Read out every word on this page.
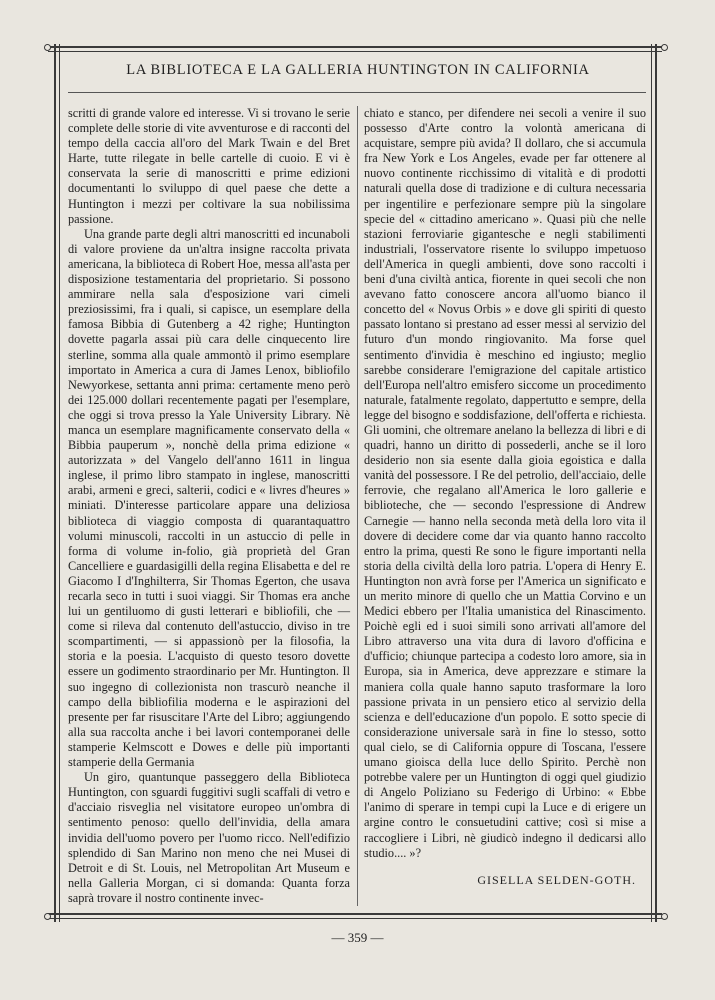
LA BIBLIOTECA E LA GALLERIA HUNTINGTON IN CALIFORNIA

scritti di grande valore ed interesse. Vi si trovano le serie complete delle storie di vite avventurose e di racconti del tempo della caccia all'oro del Mark Twain e del Bret Harte, tutte rilegate in belle cartelle di cuoio. E vi è conservata la serie di manoscritti e prime edizioni documentanti lo sviluppo di quel paese che dette a Huntington i mezzi per coltivare la sua nobilissima passione.

Una grande parte degli altri manoscritti ed incunaboli di valore proviene da un'altra insigne raccolta privata americana, la biblioteca di Robert Hoe, messa all'asta per disposizione testamentaria del proprietario. Si possono ammirare nella sala d'esposizione vari cimeli preziosissimi, fra i quali, si capisce, un esemplare della famosa Bibbia di Gutenberg a 42 righe; Huntington dovette pagarla assai più cara delle cinquecento lire sterline, somma alla quale ammontò il primo esemplare importato in America a cura di James Lenox, bibliofilo Newyorkese, settanta anni prima: certamente meno però dei 125.000 dollari recentemente pagati per l'esemplare, che oggi si trova presso la Yale University Library. Nè manca un esemplare magnificamente conservato della « Bibbia pauperum », nonchè della prima edizione « autorizzata » del Vangelo dell'anno 1611 in lingua inglese, il primo libro stampato in inglese, manoscritti arabi, armeni e greci, salterii, codici e « livres d'heures » miniati. D'interesse particolare appare una deliziosa biblioteca di viaggio composta di quarantaquattro volumi minuscoli, raccolti in un astuccio di pelle in forma di volume in-folio, già proprietà del Gran Cancelliere e guardasigilli della regina Elisabetta e del re Giacomo I d'Inghilterra, Sir Thomas Egerton, che usava recarla seco in tutti i suoi viaggi. Sir Thomas era anche lui un gentiluomo di gusti letterari e bibliofili, che — come si rileva dal contenuto dell'astuccio, diviso in tre scompartimenti, — si appassionò per la filosofia, la storia e la poesia. L'acquisto di questo tesoro dovette essere un godimento straordinario per Mr. Huntington. Il suo ingegno di collezionista non trascurò neanche il campo della bibliofilia moderna e le aspirazioni del presente per far risuscitare l'Arte del Libro; aggiungendo alla sua raccolta anche i bei lavori contemporanei delle stamperie Kelmscott e Dowes e delle più importanti stamperie della Germania

Un giro, quantunque passeggero della Biblioteca Huntington, con sguardi fuggitivi sugli scaffali di vetro e d'acciaio risveglia nel visitatore europeo un'ombra di sentimento penoso: quello dell'invidia, della amara invidia dell'uomo povero per l'uomo ricco. Nell'edifizio splendido di San Marino non meno che nei Musei di Detroit e di St. Louis, nel Metropolitan Art Museum e nella Galleria Morgan, ci si domanda: Quanta forza saprà trovare il nostro continente invec-

chiato e stanco, per difendere nei secoli a venire il suo possesso d'Arte contro la volontà americana di acquistare, sempre più avida? Il dollaro, che si accumula fra New York e Los Angeles, evade per far ottenere al nuovo continente ricchissimo di vitalità e di prodotti naturali quella dose di tradizione e di cultura necessaria per ingentilire e perfezionare sempre più la singolare specie del « cittadino americano ». Quasi più che nelle stazioni ferroviarie gigantesche e negli stabilimenti industriali, l'osservatore risente lo sviluppo impetuoso dell'America in quegli ambienti, dove sono raccolti i beni d'una civiltà antica, fiorente in quei secoli che non avevano fatto conoscere ancora all'uomo bianco il concetto del « Novus Orbis » e dove gli spiriti di questo passato lontano si prestano ad esser messi al servizio del futuro d'un mondo ringiovanito. Ma forse quel sentimento d'invidia è meschino ed ingiusto; meglio sarebbe considerare l'emigrazione del capitale artistico dell'Europa nell'altro emisfero siccome un procedimento naturale, fatalmente regolato, dappertutto e sempre, della legge del bisogno e soddisfazione, dell'offerta e richiesta. Gli uomini, che oltremare anelano la bellezza di libri e di quadri, hanno un diritto di possederli, anche se il loro desiderio non sia esente dalla gioia egoistica e dalla vanità del possessore. I Re del petrolio, dell'acciaio, delle ferrovie, che regalano all'America le loro gallerie e biblioteche, che — secondo l'espressione di Andrew Carnegie — hanno nella seconda metà della loro vita il dovere di decidere come dar via quanto hanno raccolto entro la prima, questi Re sono le figure importanti nella storia della civiltà della loro patria. L'opera di Henry E. Huntington non avrà forse per l'America un significato e un merito minore di quello che un Mattia Corvino e un Medici ebbero per l'Italia umanistica del Rinascimento. Poichè egli ed i suoi simili sono arrivati all'amore del Libro attraverso una vita dura di lavoro d'officina e d'ufficio; chiunque partecipa a codesto loro amore, sia in Europa, sia in America, deve apprezzare e stimare la maniera colla quale hanno saputo trasformare la loro passione privata in un pensiero etico al servizio della scienza e dell'educazione d'un popolo. E sotto specie di considerazione universale sarà in fine lo stesso, sotto qual cielo, se di California oppure di Toscana, l'essere umano gioisca della luce dello Spirito. Perchè non potrebbe valere per un Huntington di oggi quel giudizio di Angelo Poliziano su Federigo di Urbino: « Ebbe l'animo di sperare in tempi cupi la Luce e di erigere un argine contro le consuetudini cattive; così si mise a raccogliere i Libri, nè giudicò indegno il dedicarsi allo studio.... »?

GISELLA SELDEN-GOTH.
— 359 —
